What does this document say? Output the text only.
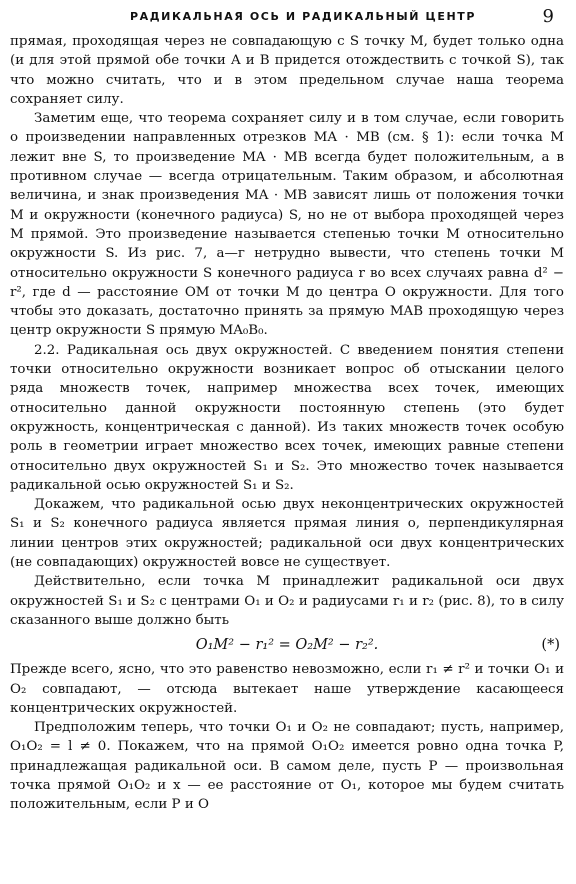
РАДИКАЛЬНАЯ ОСЬ И РАДИКАЛЬНЫЙ ЦЕНТР	9

прямая, проходящая через не совпадающую с S точку M, будет только одна (и для этой прямой обе точки A и B придется отождествить с точкой S), так что можно считать, что и в этом предельном случае наша теорема сохраняет силу.

Заметим еще, что теорема сохраняет силу и в том случае, если говорить о произведении направленных отрезков MA · MB (см. § 1): если точка M лежит вне S, то произведение MA · MB всегда будет положительным, а в противном случае — всегда отрицательным. Таким образом, и абсолютная величина, и знак произведения MA · MB зависят лишь от положения точки M и окружности (конечного радиуса) S, но не от выбора проходящей через M прямой. Это произведение называется степенью точки M относительно окружности S. Из рис. 7, а—г нетрудно вывести, что степень точки M относительно окружности S конечного радиуса r во всех случаях равна d² − r², где d — расстояние OM от точки M до центра O окружности. Для того чтобы это доказать, достаточно принять за прямую MAB проходящую через центр окружности S прямую MA₀B₀.

2.2. Радикальная ось двух окружностей. С введением понятия степени точки относительно окружности возникает вопрос об отыскании целого ряда множеств точек, например множества всех точек, имеющих относительно данной окружности постоянную степень (это будет окружность, концентрическая с данной). Из таких множеств точек особую роль в геометрии играет множество всех точек, имеющих равные степени относительно двух окружностей S₁ и S₂. Это множество точек называется радикальной осью окружностей S₁ и S₂.

Докажем, что радикальной осью двух неконцентрических окружностей S₁ и S₂ конечного радиуса является прямая линия o, перпендикулярная линии центров этих окружностей; радикальной оси двух концентрических (не совпадающих) окружностей вовсе не существует.

Действительно, если точка M принадлежит радикальной оси двух окружностей S₁ и S₂ с центрами O₁ и O₂ и радиусами r₁ и r₂ (рис. 8), то в силу сказанного выше должно быть

O₁M² − r₁² = O₂M² − r₂².	(*)

Прежде всего, ясно, что это равенство невозможно, если r₁ ≠ r² и точки O₁ и O₂ совпадают, — отсюда вытекает наше утверждение касающееся концентрических окружностей.

Предположим теперь, что точки O₁ и O₂ не совпадают; пусть, например, O₁O₂ = l ≠ 0. Покажем, что на прямой O₁O₂ имеется ровно одна точка P, принадлежащая радикальной оси. В самом деле, пусть P — произвольная точка прямой O₁O₂ и x — ее расстояние от O₁, которое мы будем считать положительным, если P и O
